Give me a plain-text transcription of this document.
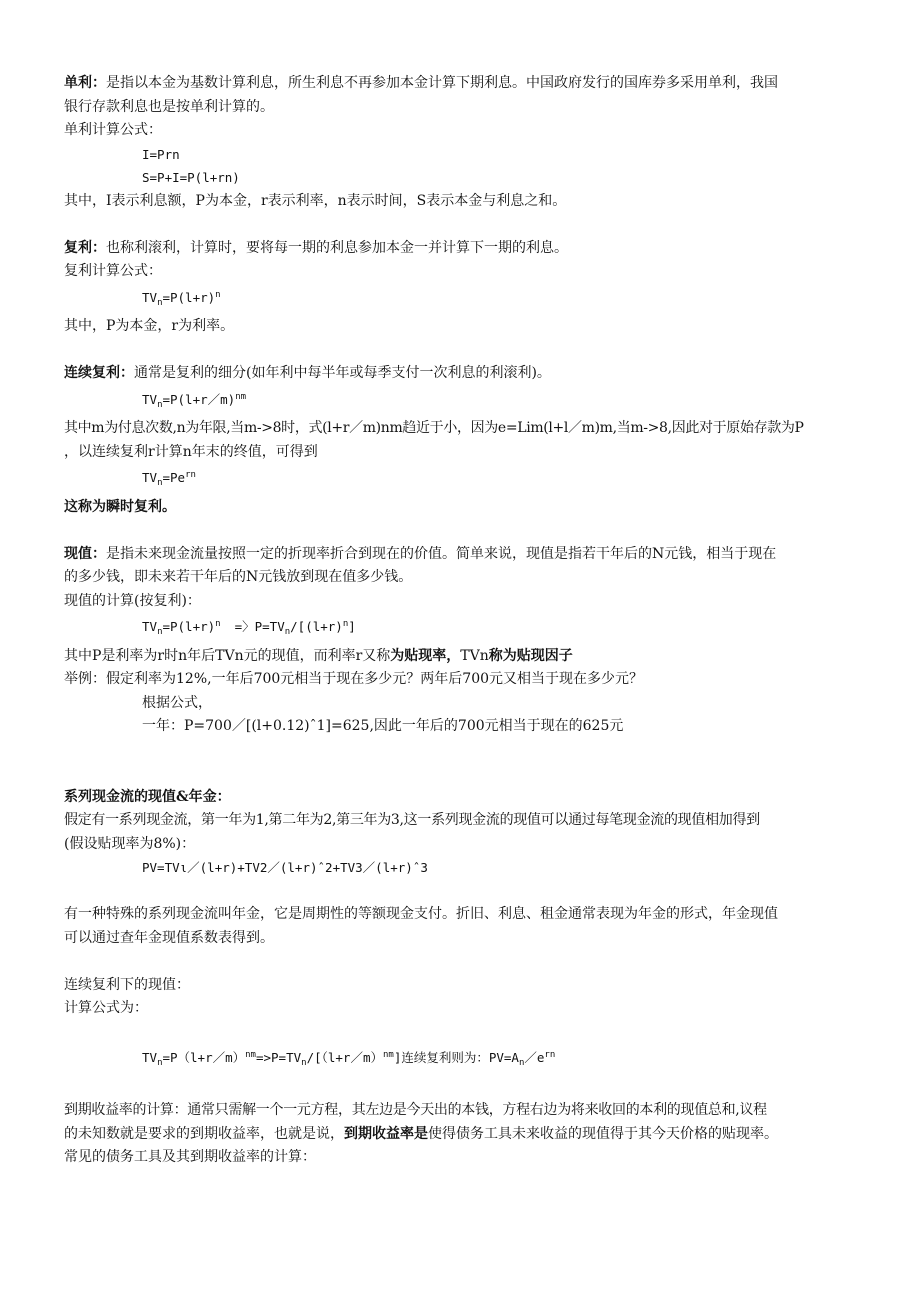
单利：是指以本金为基数计算利息，所生利息不再参加本金计算下期利息。中国政府发行的国库券多采用单利，我国
银行存款利息也是按单利计算的。
单利计算公式：
I=Prn
S=P+I=P(l+rn)
其中，I表示利息额，P为本金，r表示利率，n表示时间，S表示本金与利息之和。
复利：也称利滚利，计算时，要将每一期的利息参加本金一并计算下一期的利息。
复利计算公式：
$TV_n=P(l+r)^n$
其中，P为本金，r为利率。
连续复利：通常是复利的细分(如年利中每半年或每季支付一次利息的利滚利)。
$TV_n=P(l+r/m)^{nm}$
其中m为付息次数,n为年限,当m->8时，式(l+r／m)nm趋近于小，因为e=Lim(l+l／m)m,当m->8,因此对于原始存款为P
，以连续复利r计算n年末的终值，可得到
$TV_n=Pe^{rn}$
这称为瞬时复利。
现值：是指未来现金流量按照一定的折现率折合到现在的价值。简单来说，现值是指若干年后的N元钱，相当于现在
的多少钱，即未来若干年后的N元钱放到现在值多少钱。
现值的计算(按复利)：
$TV_n=P(l+r)^n$ =〉$P=TV_n/[(l+r)^n]$
其中P是利率为r时n年后TVn元的现值，而利率r又称为贴现率，TVn称为贴现因子
举例：假定利率为12%,一年后700元相当于现在多少元？两年后700元又相当于现在多少元？
根据公式，
一年：P=700／[(l+0.12)ˆ1]=625,因此一年后的700元相当于现在的625元
系列现金流的现值&年金：
假定有一系列现金流，第一年为1,第二年为2,第三年为3,这一系列现金流的现值可以通过每笔现金流的现值相加得到
(假设贴现率为8%)：
PV=TVι／(l+r)+TV2／(l+r)ˆ2+TV3／(l+r)ˆ3
有一种特殊的系列现金流叫年金，它是周期性的等额现金支付。折旧、利息、租金通常表现为年金的形式，年金现值
可以通过查年金现值系数表得到。
连续复利下的现值：
计算公式为：
$TV_n=P(l+r/m)^{nm}=>P=TV_n/[(l+r/m)^{nm}]$连续复利则为：$PV=A_n/e^{rn}$
到期收益率的计算：通常只需解一个一元方程，其左边是今天出的本钱，方程右边为将来收回的本利的现值总和,议程
的未知数就是要求的到期收益率，也就是说，到期收益率是使得债务工具未来收益的现值得于其今天价格的贴现率。
常见的债务工具及其到期收益率的计算：
